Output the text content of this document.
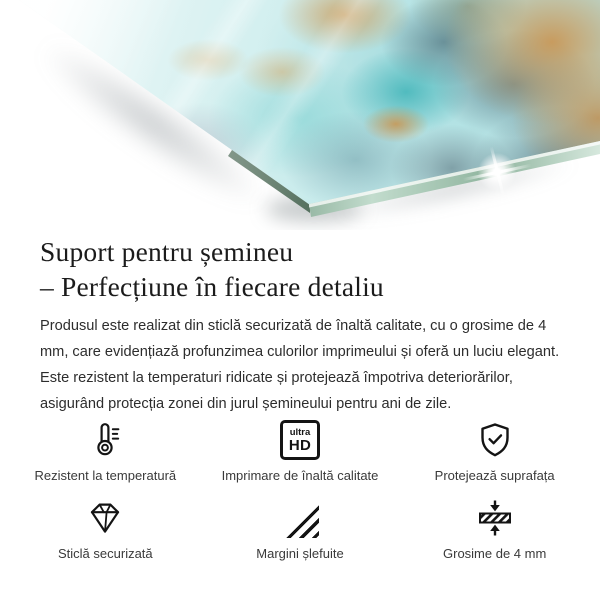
Suport pentru șemineu
– Perfecțiune în fiecare detaliu

Produsul este realizat din sticlă securizată de înaltă calitate, cu o grosime de 4 mm, care evidențiază profunzimea culorilor imprimeului și oferă un luciu elegant. Este rezistent la temperaturi ridicate și protejează împotriva deteriorărilor, asigurând protecția zonei din jurul șemineului pentru ani de zile.

Rezistent la temperatură
ultra
HD
Imprimare de înaltă calitate	Protejează suprafața
Sticlă securizată	Margini șlefuite	Grosime de 4 mm
